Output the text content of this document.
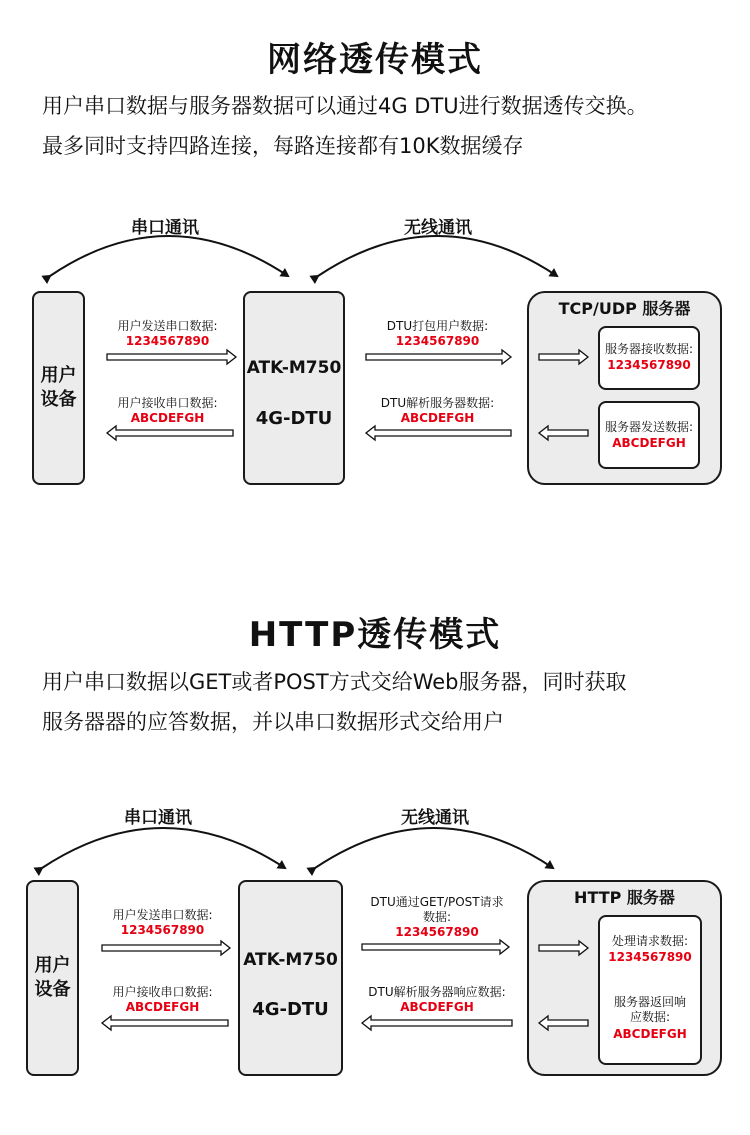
网络透传模式
用户串口数据与服务器数据可以通过4G DTU进行数据透传交换。
最多同时支持四路连接，每路连接都有10K数据缓存
串口通讯	无线通讯
用户
设备
ATK-M750
4G-DTU
TCP/UDP 服务器
用户发送串口数据:
1234567890
用户接收串口数据:
ABCDEFGH
DTU打包用户数据:
1234567890
DTU解析服务器数据:
ABCDEFGH
服务器接收数据:
1234567890
服务器发送数据:
ABCDEFGH
HTTP透传模式
用户串口数据以GET或者POST方式交给Web服务器，同时获取
服务器器的应答数据，并以串口数据形式交给用户
串口通讯	无线通讯
用户
设备
ATK-M750
4G-DTU
HTTP 服务器
用户发送串口数据:
1234567890
用户接收串口数据:
ABCDEFGH
DTU通过GET/POST请求
数据:
1234567890
DTU解析服务器响应数据:
ABCDEFGH
处理请求数据:
1234567890
服务器返回响
应数据:
ABCDEFGH
